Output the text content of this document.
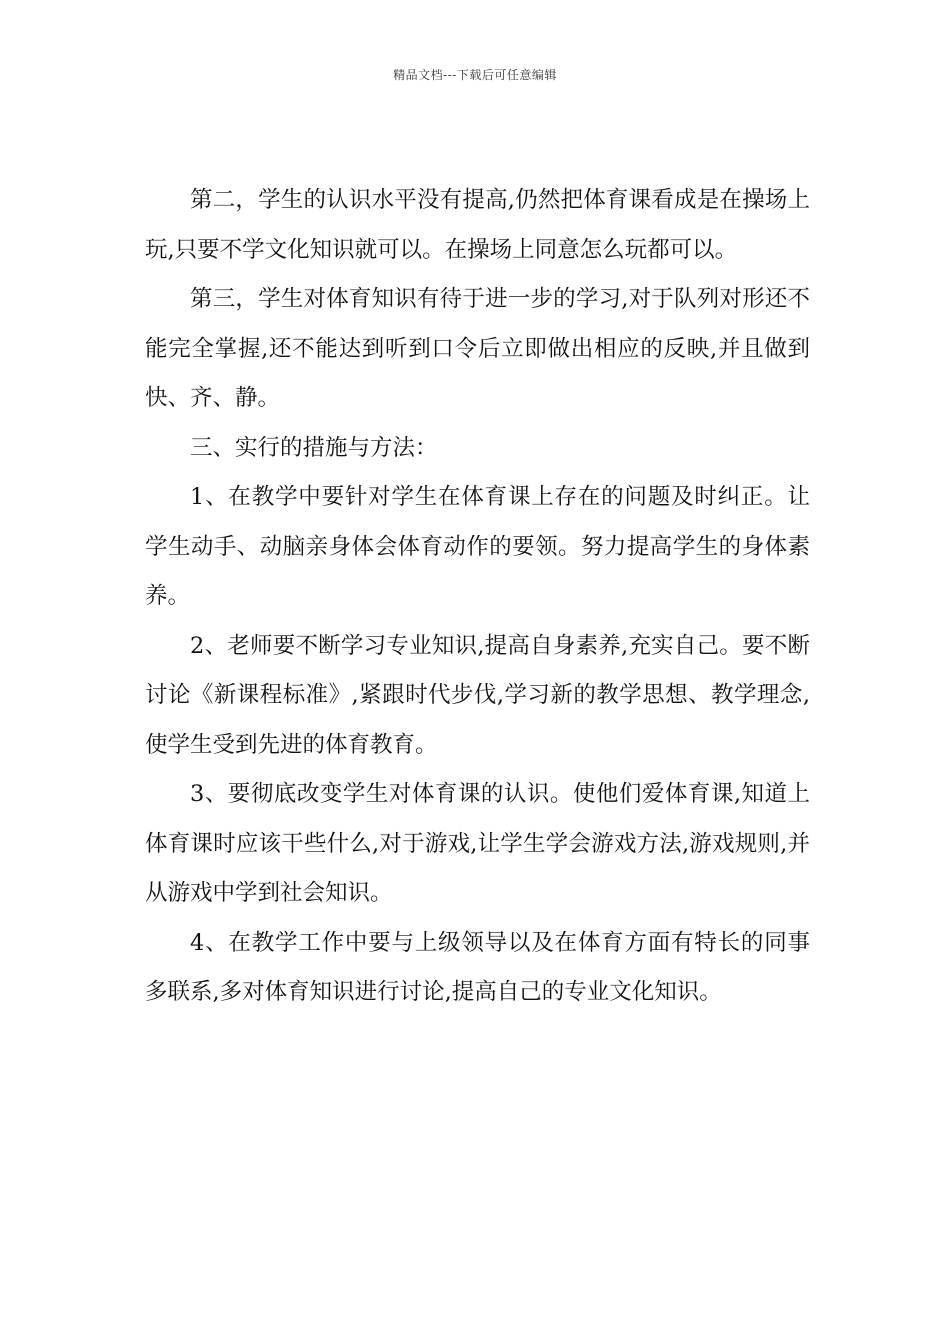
精品文档---下载后可任意编辑

第二，学生的认识水平没有提高,仍然把体育课看成是在操场上玩,只要不学文化知识就可以。在操场上同意怎么玩都可以。

第三，学生对体育知识有待于进一步的学习,对于队列对形还不能完全掌握,还不能达到听到口令后立即做出相应的反映,并且做到快、齐、静。

三、实行的措施与方法：

1、在教学中要针对学生在体育课上存在的问题及时纠正。让学生动手、动脑亲身体会体育动作的要领。努力提高学生的身体素养。

2、老师要不断学习专业知识,提高自身素养,充实自己。要不断讨论《新课程标准》,紧跟时代步伐,学习新的教学思想、教学理念,使学生受到先进的体育教育。

3、要彻底改变学生对体育课的认识。使他们爱体育课,知道上体育课时应该干些什么,对于游戏,让学生学会游戏方法,游戏规则,并从游戏中学到社会知识。

4、在教学工作中要与上级领导以及在体育方面有特长的同事多联系,多对体育知识进行讨论,提高自己的专业文化知识。
